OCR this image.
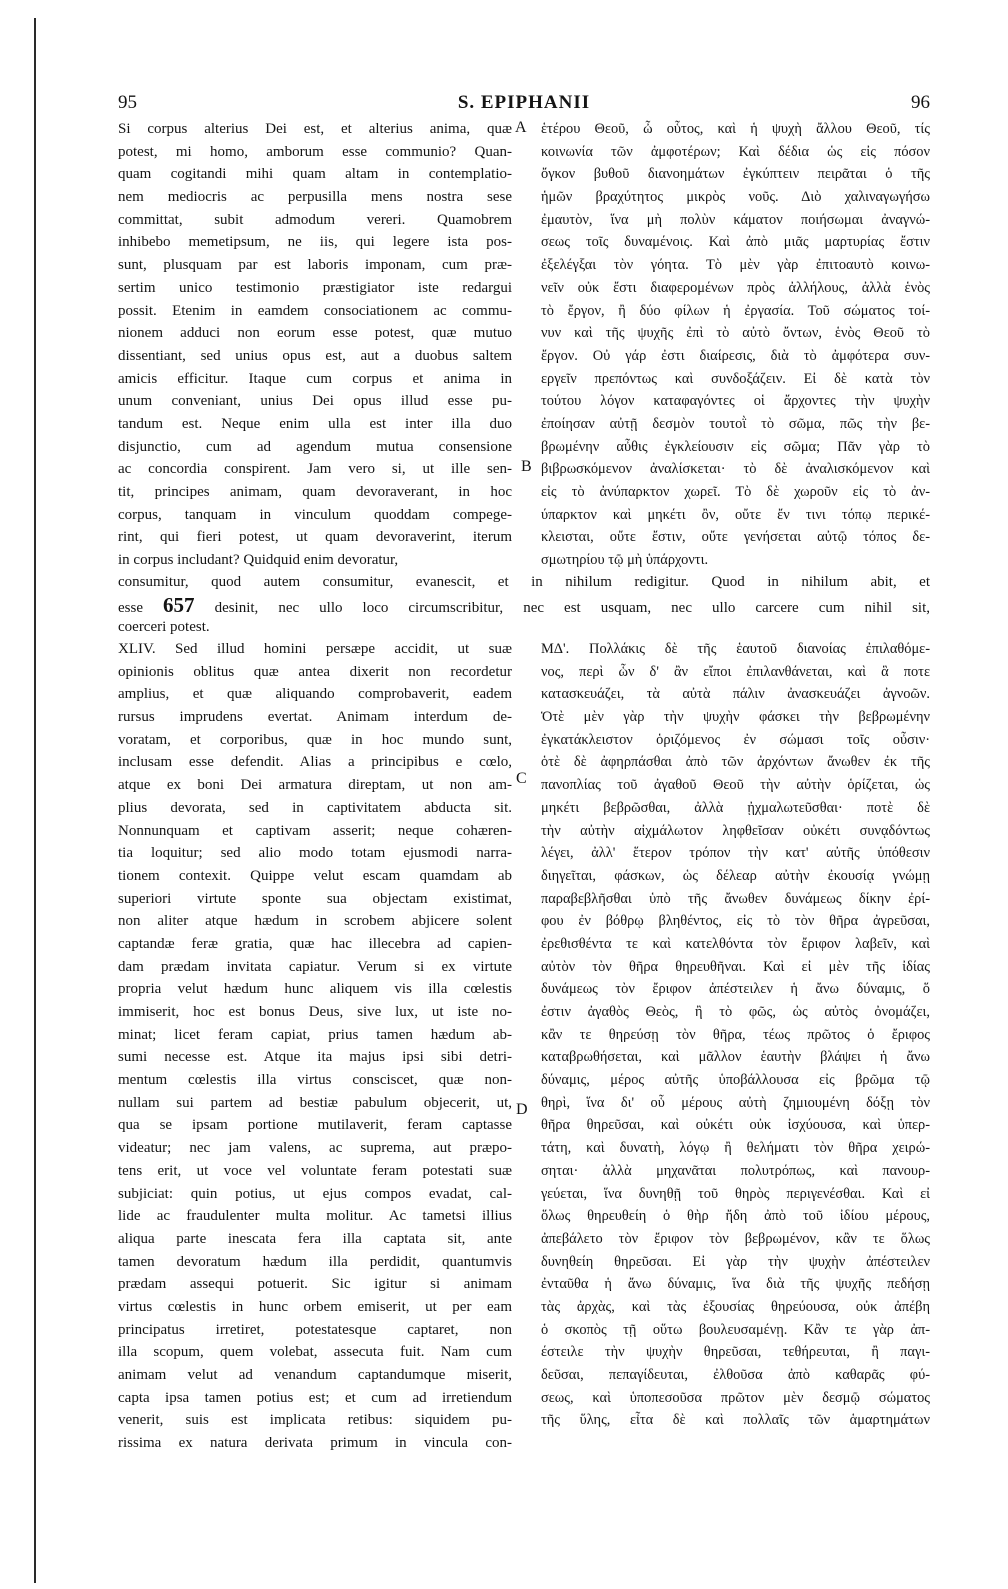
95	S. EPIPHANII	96
Si corpus alterius Dei est, et alterius anima, quæ
potest, mi homo, amborum esse communio? Quan-
quam cogitandi mihi quam altam in contemplatio-
nem mediocris ac perpusilla mens nostra sese
committat, subit admodum vereri. Quamobrem
inhibebo memetipsum, ne iis, qui legere ista pos-
sunt, plusquam par est laboris imponam, cum præ-
sertim unico testimonio præstigiator iste redargui
possit. Etenim in eamdem consociationem ac commu-
nionem adduci non eorum esse potest, quæ mutuo
dissentiant, sed unius opus est, aut a duobus saltem
amicis efficitur. Itaque cum corpus et anima in
unum conveniant, unius Dei opus illud esse pu-
tandum est. Neque enim ulla est inter illa duo
disjunctio, cum ad agendum mutua consensione
ac concordia conspirent. Jam vero si, ut ille sen-
tit, principes animam, quam devoraverant, in hoc
corpus, tanquam in vinculum quoddam compege-
rint, qui fieri potest, ut quam devoraverint, iterum
in corpus includant? Quidquid enim devoratur,
ἑτέρου Θεοῦ, ὦ οὗτος, καὶ ἡ ψυχὴ ἄλλου Θεοῦ, τίς
κοινωνία τῶν ἀμφοτέρων; Καὶ δέδια ὡς εἰς πόσον
ὄγκον βυθοῦ διανοημάτων ἐγκύπτειν πειρᾶται ὁ τῆς
ἡμῶν βραχύτητος μικρὸς νοῦς. Διὸ χαλιναγωγήσω
ἐμαυτὸν, ἵνα μὴ πολὺν κάματον ποιήσωμαι ἀναγνώ-
σεως τοῖς δυναμένοις. Καὶ ἀπὸ μιᾶς μαρτυρίας ἔστιν
ἐξελέγξαι τὸν γόητα. Τὸ μὲν γὰρ ἐπιτοαυτὸ κοινω-
νεῖν οὐκ ἔστι διαφερομένων πρὸς ἀλλήλους, ἀλλὰ ἑνὸς
τὸ ἔργον, ἢ δύο φίλων ἡ ἐργασία. Τοῦ σώματος τοί-
νυν καὶ τῆς ψυχῆς ἐπὶ τὸ αὐτὸ ὄντων, ἑνὸς Θεοῦ τὸ
ἔργον. Οὐ γάρ ἐστι διαίρεσις, διὰ τὸ ἀμφότερα συν-
εργεῖν πρεπόντως καὶ συνδοξάζειν. Εἰ δὲ κατὰ τὸν
τούτου λόγον καταφαγόντες οἱ ἄρχοντες τὴν ψυχὴν
ἐποίησαν αὐτῇ δεσμὸν τουτοῒ τὸ σῶμα, πῶς τὴν βε-
βρωμένην αὖθις ἐγκλείουσιν εἰς σῶμα; Πᾶν γὰρ τὸ
βιβρωσκόμενον ἀναλίσκεται· τὸ δὲ ἀναλισκόμενον καὶ
εἰς τὸ ἀνύπαρκτον χωρεῖ. Τὸ δὲ χωροῦν εἰς τὸ ἀν-
ύπαρκτον καὶ μηκέτι ὂν, οὔτε ἔν τινι τόπῳ περικέ-
κλεισται, οὔτε ἔστιν, οὔτε γενήσεται αὐτῷ τόπος δε-
σμωτηρίου τῷ μὴ ὑπάρχοντι.
A
B
C
D
consumitur, quod autem consumitur, evanescit, et in nihilum redigitur. Quod in nihilum abit, et
esse 657 desinit, nec ullo loco circumscribitur, nec est usquam, nec ullo carcere cum nihil sit,
coerceri potest.
XLIV. Sed illud homini persæpe accidit, ut suæ
opinionis oblitus quæ antea dixerit non recordetur
amplius, et quæ aliquando comprobaverit, eadem
rursus imprudens evertat. Animam interdum de-
voratam, et corporibus, quæ in hoc mundo sunt,
inclusam esse defendit. Alias a principibus e cœlo,
atque ex boni Dei armatura direptam, ut non am-
plius devorata, sed in captivitatem abducta sit.
Nonnunquam et captivam asserit; neque cohæren-
tia loquitur; sed alio modo totam ejusmodi narra-
tionem contexit. Quippe velut escam quamdam ab
superiori virtute sponte sua objectam existimat,
non aliter atque hædum in scrobem abjicere solent
captandæ feræ gratia, quæ hac illecebra ad capien-
dam prædam invitata capiatur. Verum si ex virtute
propria velut hædum hunc aliquem vis illa cœlestis
immiserit, hoc est bonus Deus, sive lux, ut iste no-
minat; licet feram capiat, prius tamen hædum ab-
sumi necesse est. Atque ita majus ipsi sibi detri-
mentum cœlestis illa virtus consciscet, quæ non-
nullam sui partem ad bestiæ pabulum objecerit, ut,
qua se ipsam portione mutilaverit, feram captasse
videatur; nec jam valens, ac suprema, aut præpo-
tens erit, ut voce vel voluntate feram potestati suæ
subjiciat: quin potius, ut ejus compos evadat, cal-
lide ac fraudulenter multa molitur. Ac tametsi illius
aliqua parte inescata fera illa captata sit, ante
tamen devoratum hædum illa perdidit, quantumvis
prædam assequi potuerit. Sic igitur si animam
virtus cœlestis in hunc orbem emiserit, ut per eam
principatus irretiret, potestatesque captaret, non
illa scopum, quem volebat, assecuta fuit. Nam cum
animam velut ad venandum captandumque miserit,
capta ipsa tamen potius est; et cum ad irretiendum
venerit, suis est implicata retibus: siquidem pu-
rissima ex natura derivata primum in vincula con-
ΜΔ'. Πολλάκις δὲ τῆς ἑαυτοῦ διανοίας ἐπιλαθόμε-
νος, περὶ ὧν δ' ἂν εἴποι ἐπιλανθάνεται, καὶ ἃ ποτε
κατασκευάζει, τὰ αὐτὰ πάλιν ἀνασκευάζει ἀγνοῶν.
Ὁτὲ μὲν γὰρ τὴν ψυχὴν φάσκει τὴν βεβρωμένην
ἐγκατάκλειστον ὁριζόμενος ἐν σώμασι τοῖς οὖσιν·
ὁτὲ δὲ ἀφηρπάσθαι ἀπὸ τῶν ἀρχόντων ἄνωθεν ἐκ τῆς
πανοπλίας τοῦ ἀγαθοῦ Θεοῦ τὴν αὐτὴν ὁρίζεται, ὡς
μηκέτι βεβρῶσθαι, ἀλλὰ ᾐχμαλωτεῦσθαι· ποτὲ δὲ
τὴν αὐτὴν αἰχμάλωτον ληφθεῖσαν οὐκέτι συνᾳδόντως
λέγει, ἀλλ' ἕτερον τρόπον τὴν κατ' αὐτῆς ὑπόθεσιν
διηγεῖται, φάσκων, ὡς δέλεαρ αὐτὴν ἐκουσίᾳ γνώμῃ
παραβεβλῆσθαι ὑπὸ τῆς ἄνωθεν δυνάμεως δίκην ἐρί-
φου ἐν βόθρῳ βληθέντος, εἰς τὸ τὸν θῆρα ἀγρεῦσαι,
ἐρεθισθέντα τε καὶ κατελθόντα τὸν ἔριφον λαβεῖν, καὶ
αὐτὸν τὸν θῆρα θηρευθῆναι. Καὶ εἰ μὲν τῆς ἰδίας
δυνάμεως τὸν ἔριφον ἀπέστειλεν ἡ ἄνω δύναμις, ὅ
ἐστιν ἀγαθὸς Θεὸς, ἢ τὸ φῶς, ὡς αὐτὸς ὀνομάζει,
κἂν τε θηρεύσῃ τὸν θῆρα, τέως πρῶτος ὁ ἔριφος
καταβρωθήσεται, καὶ μᾶλλον ἑαυτὴν βλάψει ἡ ἄνω
δύναμις, μέρος αὐτῆς ὑποβάλλουσα εἰς βρῶμα τῷ
θηρὶ, ἵνα δι' οὗ μέρους αὐτὴ ζημιουμένη δόξῃ τὸν
θῆρα θηρεῦσαι, καὶ οὐκέτι οὐκ ἰσχύουσα, καὶ ὑπερ-
τάτη, καὶ δυνατὴ, λόγῳ ἢ θελήματι τὸν θῆρα χειρώ-
σηται· ἀλλὰ μηχανᾶται πολυτρόπως, καὶ πανουρ-
γεύεται, ἵνα δυνηθῇ τοῦ θηρὸς περιγενέσθαι. Καὶ εἰ
ὅλως θηρευθείη ὁ θὴρ ἤδη ἀπὸ τοῦ ἰδίου μέρους,
ἀπεβάλετο τὸν ἔριφον τὸν βεβρωμένον, κἂν τε ὅλως
δυνηθείη θηρεῦσαι. Εἰ γὰρ τὴν ψυχὴν ἀπέστειλεν
ἐνταῦθα ἡ ἄνω δύναμις, ἵνα διὰ τῆς ψυχῆς πεδήσῃ
τὰς ἀρχὰς, καὶ τὰς ἐξουσίας θηρεύουσα, οὐκ ἀπέβη
ὁ σκοπὸς τῇ οὕτω βουλευσαμένῃ. Κἂν τε γὰρ ἀπ-
έστειλε τὴν ψυχὴν θηρεῦσαι, τεθήρευται, ἢ παγι-
δεῦσαι, πεπαγίδευται, ἐλθοῦσα ἀπὸ καθαρᾶς φύ-
σεως, καὶ ὑποπεσοῦσα πρῶτον μὲν δεσμῷ σώματος
τῆς ὕλης, εἶτα δὲ καὶ πολλαῖς τῶν ἁμαρτημάτων
